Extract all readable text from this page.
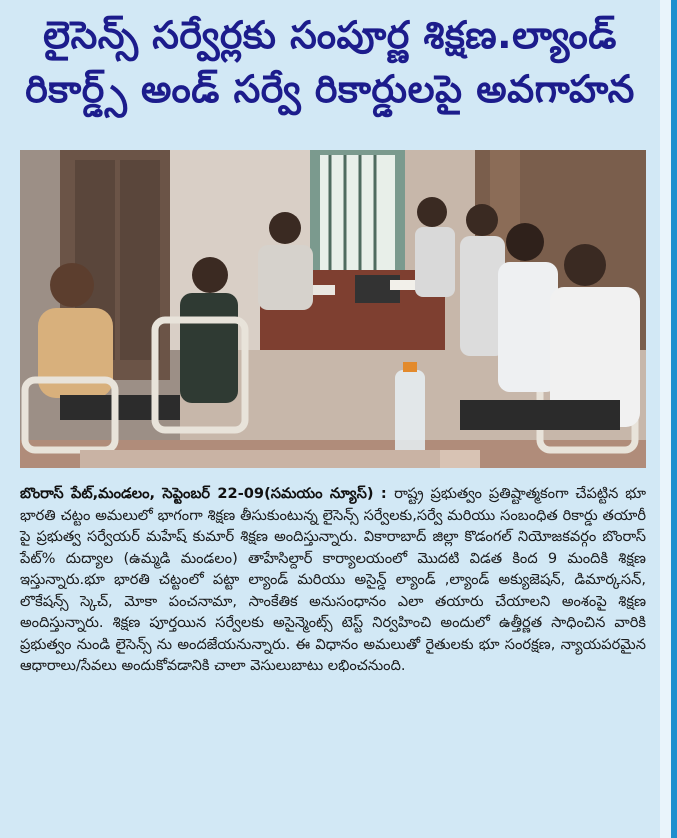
లైసెన్స్ సర్వేర్లకు సంపూర్ణ శిక్షణ.ల్యాండ్
రికార్డ్స్ అండ్ సర్వే రికార్డులపై అవగాహన
బొంరాస్ పేట్,మండలం, సెప్టెంబర్ 22-09(సమయం న్యూస్) : రాష్ట్ర ప్రభుత్వం ప్రతిష్టాత్మకంగా చేపట్టిన భూ భారతి చట్టం అమలులో భాగంగా శిక్షణ తీసుకుంటున్న లైసెన్స్ సర్వేలకు,సర్వే మరియు సంబంధిత రికార్డు తయారీ పై ప్రభుత్వ సర్వేయర్ మహేష్ కుమార్ శిక్షణ అందిస్తున్నారు. వికారాబాద్ జిల్లా కొడంగల్ నియోజకవర్గం బొంరాస్ పేట్% దుద్యాల (ఉమ్మడి మండలం) తాహేసిల్దార్ కార్యాలయంలో మొదటి విడత కింద 9 మందికి శిక్షణ ఇస్తున్నారు.భూ భారతి చట్టంలో పట్టా ల్యాండ్ మరియు అసైన్డ్ ల్యాండ్ ,ల్యాండ్ అక్యుజెషన్, డిమార్కసన్, లొకేషన్స్ స్కెచ్, మోకా పంచనామా, సాంకేతిక అనుసంధానం ఎలా తయారు చేయాలని అంశంపై శిక్షణ అందిస్తున్నారు. శిక్షణ పూర్తయిన సర్వేలకు అసైన్మెంట్స్ టెస్ట్ నిర్వహించి అందులో ఉత్తీర్ణత సాధించిన వారికి ప్రభుత్వం నుండి లైసెన్స్ ను అందజేయనున్నారు. ఈ విధానం అమలుతో రైతులకు భూ సంరక్షణ, న్యాయపరమైన ఆధారాలు/సేవలు అందుకోవడానికి చాలా వెసులుబాటు లభించనుంది.
